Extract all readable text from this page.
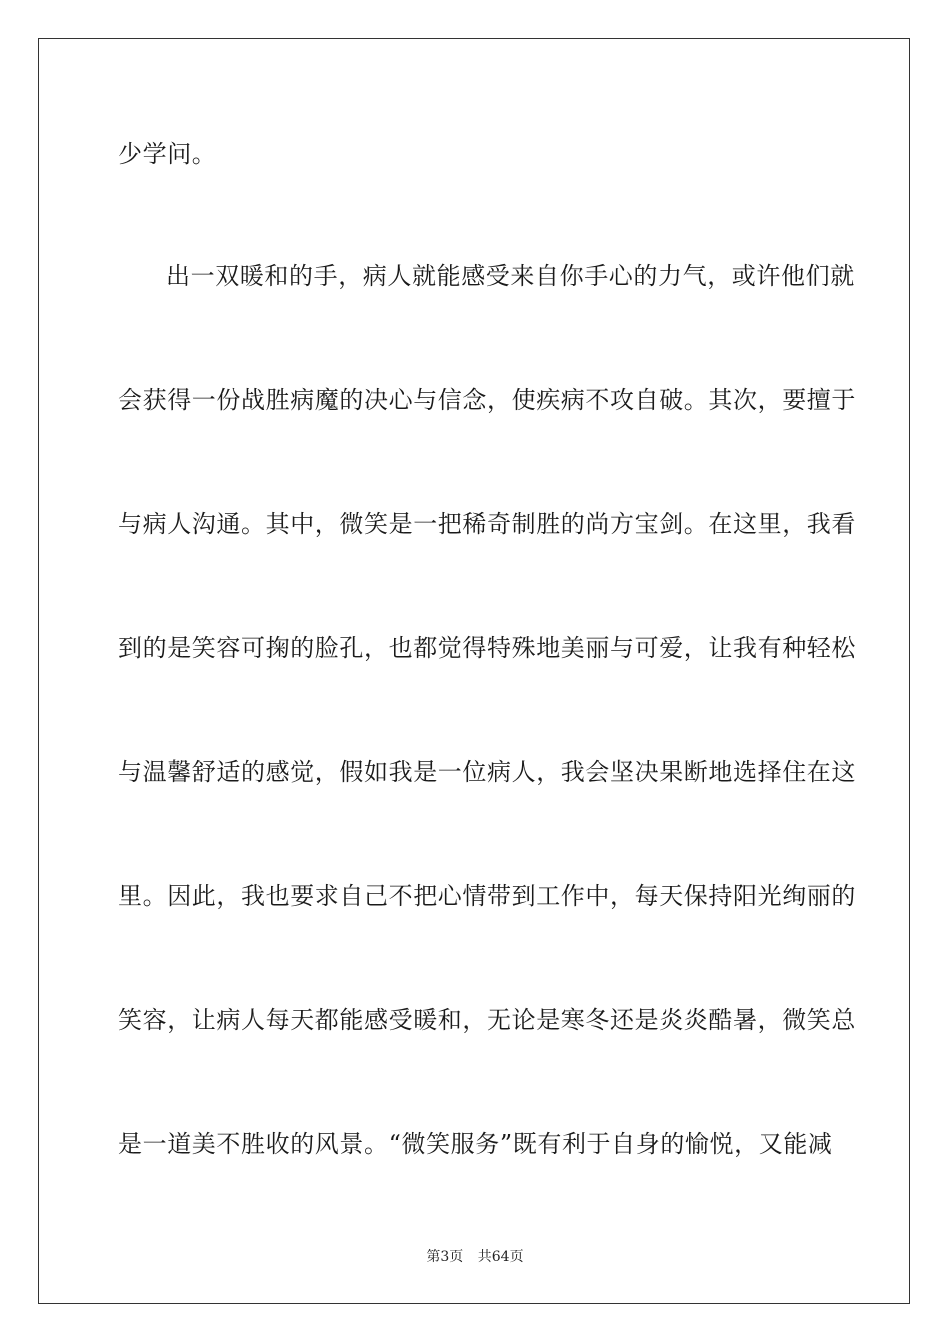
少学问。
出一双暖和的手，病人就能感受来自你手心的力气，或许他们就
会获得一份战胜病魔的决心与信念，使疾病不攻自破。其次，要擅于
与病人沟通。其中，微笑是一把稀奇制胜的尚方宝剑。在这里，我看
到的是笑容可掬的脸孔，也都觉得特殊地美丽与可爱，让我有种轻松
与温馨舒适的感觉，假如我是一位病人，我会坚决果断地选择住在这
里。因此，我也要求自己不把心情带到工作中，每天保持阳光绚丽的
笑容，让病人每天都能感受暖和，无论是寒冬还是炎炎酷暑，微笑总
是一道美不胜收的风景。“微笑服务”既有利于自身的愉悦，又能减
第3页 共64页
